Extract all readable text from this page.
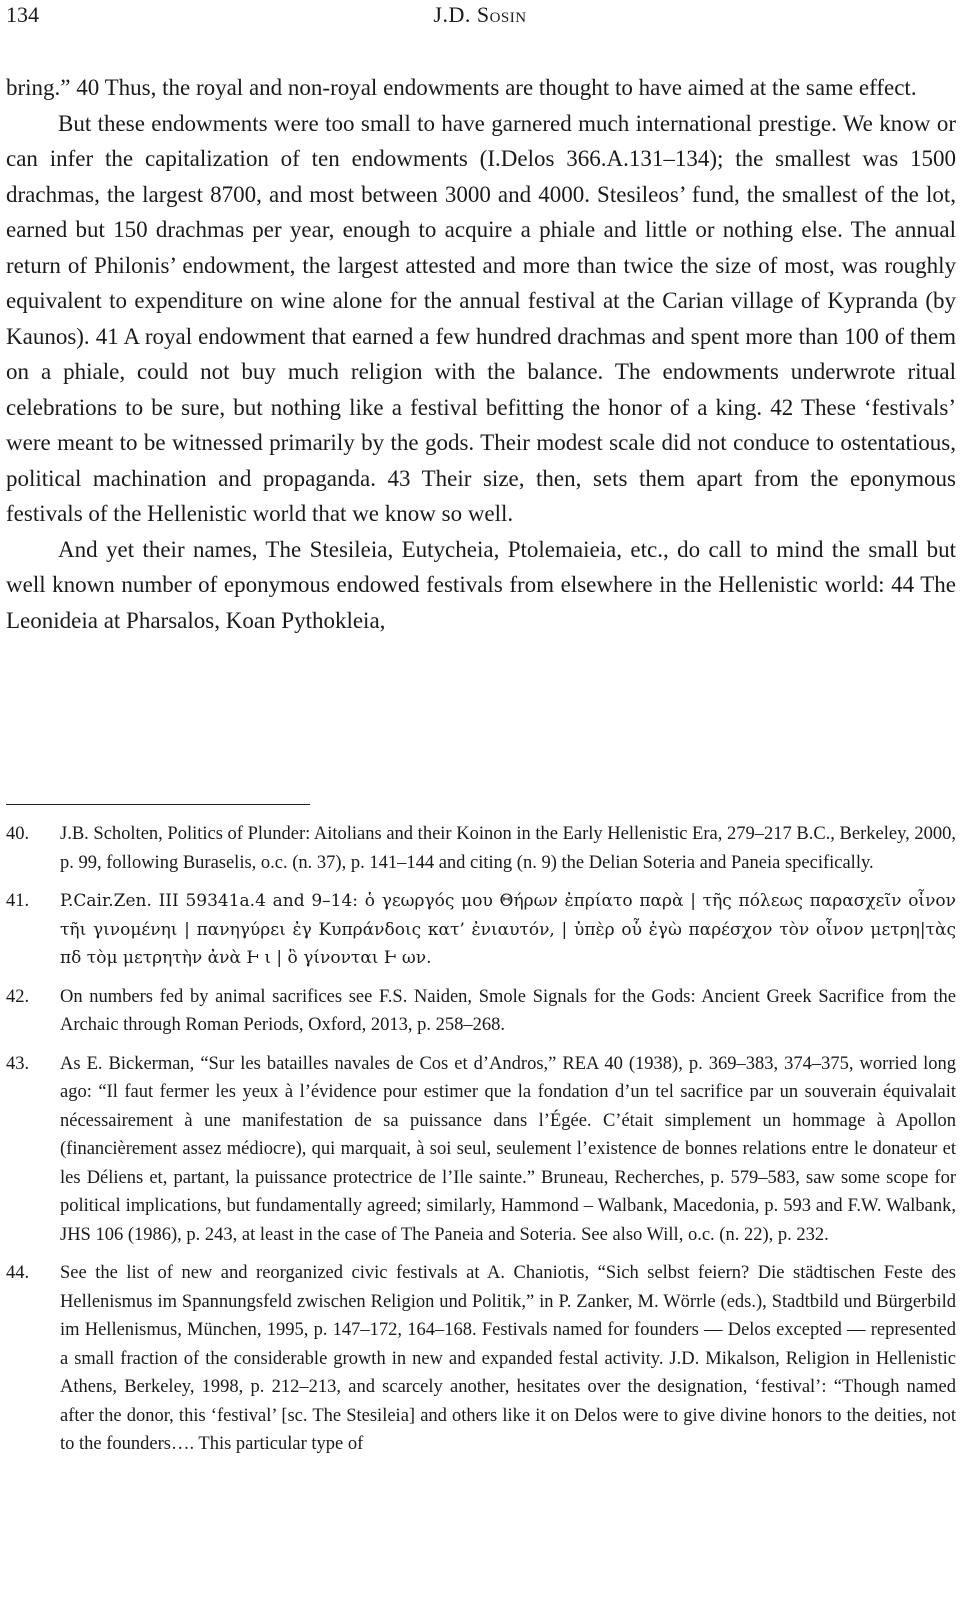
134	J.D. Sosin

bring.” 40 Thus, the royal and non-royal endowments are thought to have aimed at the same effect.

But these endowments were too small to have garnered much international prestige. We know or can infer the capitalization of ten endowments (I.Delos 366.A.131–134); the smallest was 1500 drachmas, the largest 8700, and most between 3000 and 4000. Stesileos’ fund, the smallest of the lot, earned but 150 drachmas per year, enough to acquire a phiale and little or nothing else. The annual return of Philonis’ endowment, the largest attested and more than twice the size of most, was roughly equivalent to expenditure on wine alone for the annual festival at the Carian village of Kypranda (by Kaunos). 41 A royal endowment that earned a few hundred drachmas and spent more than 100 of them on a phiale, could not buy much religion with the balance. The endowments underwrote ritual celebrations to be sure, but nothing like a festival befitting the honor of a king. 42 These ‘festivals’ were meant to be witnessed primarily by the gods. Their modest scale did not conduce to ostentatious, political machination and propaganda. 43 Their size, then, sets them apart from the eponymous festivals of the Hellenistic world that we know so well.

And yet their names, The Stesileia, Eutycheia, Ptolemaieia, etc., do call to mind the small but well known number of eponymous endowed festivals from elsewhere in the Hellenistic world: 44 The Leonideia at Pharsalos, Koan Pythokleia,

40.	J.B. Scholten, Politics of Plunder: Aitolians and their Koinon in the Early Hellenistic Era, 279–217 B.C., Berkeley, 2000, p. 99, following Buraselis, o.c. (n. 37), p. 141–144 and citing (n. 9) the Delian Soteria and Paneia specifically.
41.	P.Cair.Zen. III 59341a.4 and 9–14: ὁ γεωργός μου Θήρων ἐπρίατο παρὰ | τῆς πόλεως παρασχεῖν οἶνον τῆι γινομένηι | πανηγύρει ἐγ Κυπράνδοις κατ’ ἐνιαυτόν, | ὑπὲρ οὗ ἐγὼ παρέσχον τὸν οἶνον μετρη|τὰς πδ τὸμ μετρητὴν ἀνὰ Ͱ ι | ὃ γίνονται Ͱ ων.
42.	On numbers fed by animal sacrifices see F.S. Naiden, Smole Signals for the Gods: Ancient Greek Sacrifice from the Archaic through Roman Periods, Oxford, 2013, p. 258–268.
43.	As E. Bickerman, “Sur les batailles navales de Cos et d’Andros,” REA 40 (1938), p. 369–383, 374–375, worried long ago: “Il faut fermer les yeux à l’évidence pour estimer que la fondation d’un tel sacrifice par un souverain équivalait nécessairement à une manifestation de sa puissance dans l’Égée. C’était simplement un hommage à Apollon (financièrement assez médiocre), qui marquait, à soi seul, seulement l’existence de bonnes relations entre le donateur et les Déliens et, partant, la puissance protectrice de l’Ile sainte.” Bruneau, Recherches, p. 579–583, saw some scope for political implications, but fundamentally agreed; similarly, Hammond – Walbank, Macedonia, p. 593 and F.W. Walbank, JHS 106 (1986), p. 243, at least in the case of The Paneia and Soteria. See also Will, o.c. (n. 22), p. 232.
44.	See the list of new and reorganized civic festivals at A. Chaniotis, “Sich selbst feiern? Die städtischen Feste des Hellenismus im Spannungsfeld zwischen Religion und Politik,” in P. Zanker, M. Wörrle (eds.), Stadtbild und Bürgerbild im Hellenismus, München, 1995, p. 147–172, 164–168. Festivals named for founders — Delos excepted — represented a small fraction of the considerable growth in new and expanded festal activity. J.D. Mikalson, Religion in Hellenistic Athens, Berkeley, 1998, p. 212–213, and scarcely another, hesitates over the designation, ‘festival’: “Though named after the donor, this ‘festival’ [sc. The Stesileia] and others like it on Delos were to give divine honors to the deities, not to the founders…. This particular type of
